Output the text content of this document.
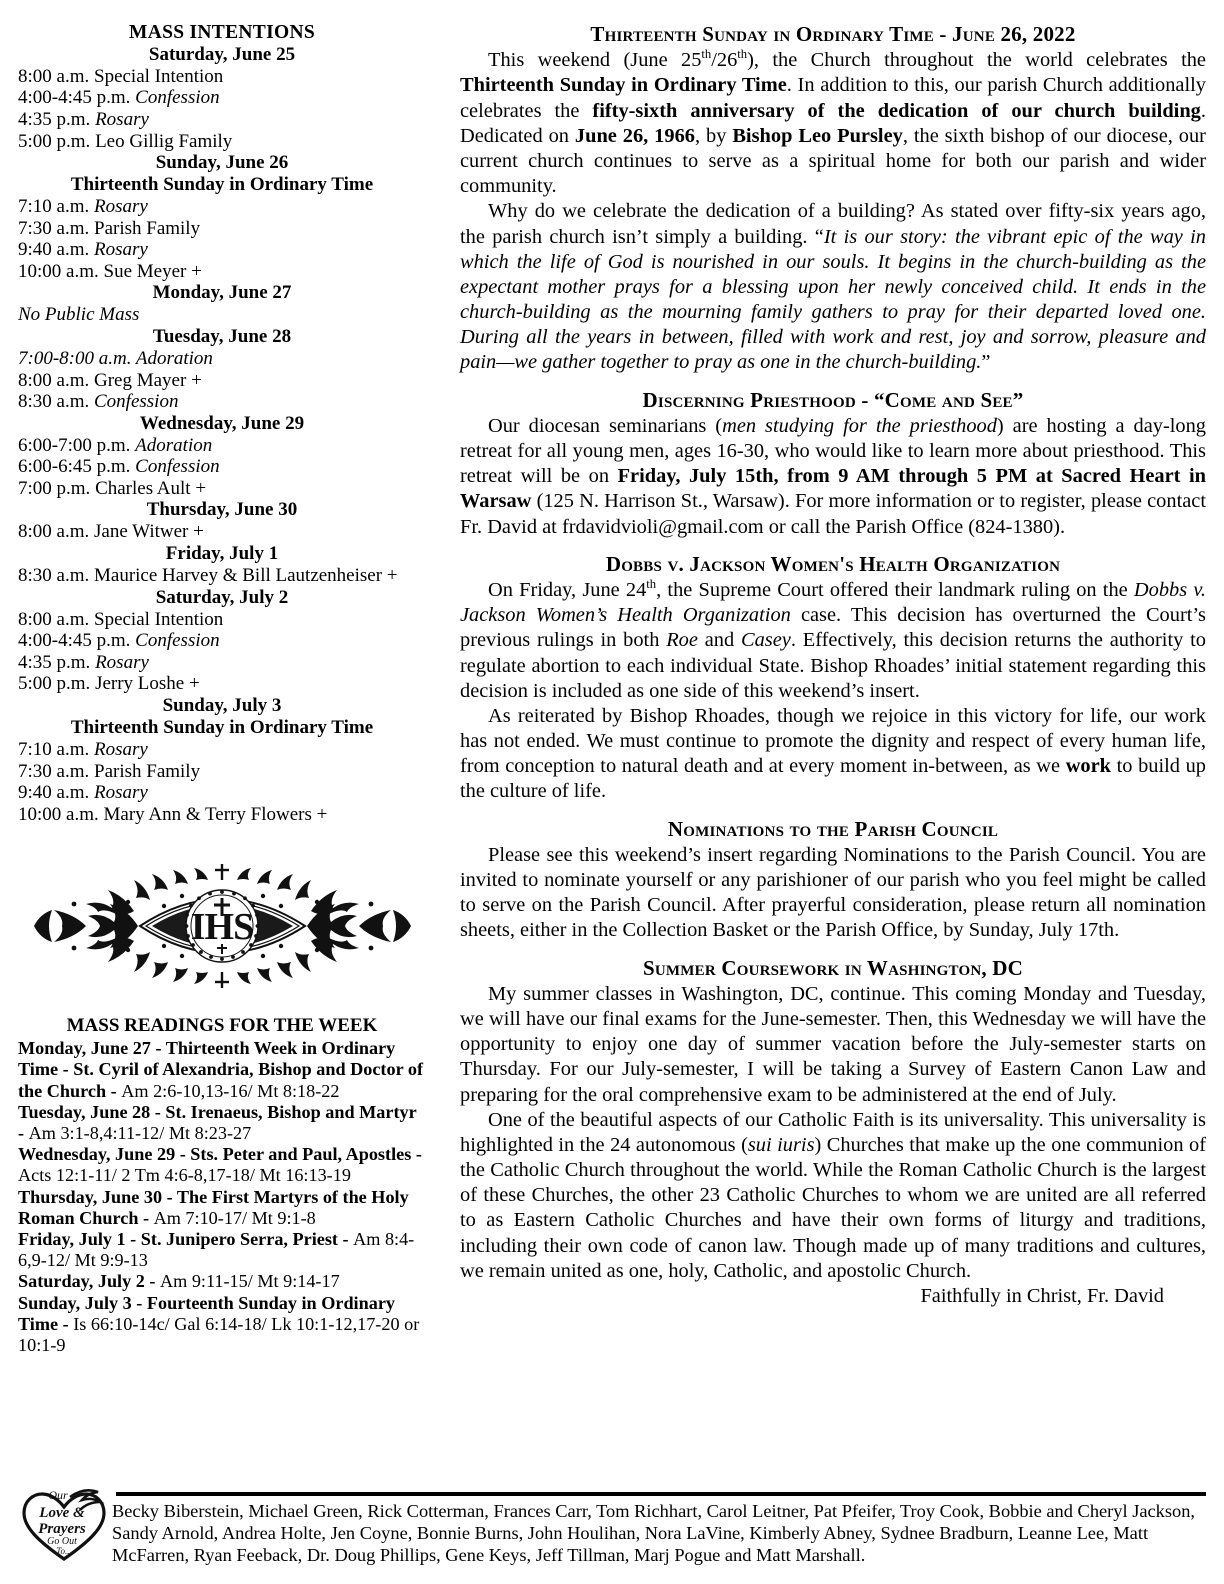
MASS INTENTIONS
Saturday, June 25
8:00 a.m. Special Intention
4:00-4:45 p.m. Confession
4:35 p.m. Rosary
5:00 p.m. Leo Gillig Family
Sunday, June 26
Thirteenth Sunday in Ordinary Time
7:10 a.m. Rosary
7:30 a.m. Parish Family
9:40 a.m. Rosary
10:00 a.m. Sue Meyer +
Monday, June 27
No Public Mass
Tuesday, June 28
7:00-8:00 a.m. Adoration
8:00 a.m. Greg Mayer +
8:30 a.m. Confession
Wednesday, June 29
6:00-7:00 p.m. Adoration
6:00-6:45 p.m. Confession
7:00 p.m. Charles Ault +
Thursday, June 30
8:00 a.m. Jane Witwer +
Friday, July 1
8:30 a.m. Maurice Harvey & Bill Lautzenheiser +
Saturday, July 2
8:00 a.m. Special Intention
4:00-4:45 p.m. Confession
4:35 p.m. Rosary
5:00 p.m. Jerry Loshe +
Sunday, July 3
Thirteenth Sunday in Ordinary Time
7:10 a.m. Rosary
7:30 a.m. Parish Family
9:40 a.m. Rosary
10:00 a.m. Mary Ann & Terry Flowers +
IHS
MASS READINGS FOR THE WEEK
Monday, June 27 - Thirteenth Week in Ordinary Time - St. Cyril of Alexandria, Bishop and Doctor of the Church - Am 2:6-10,13-16/ Mt 8:18-22
Tuesday, June 28 - St. Irenaeus, Bishop and Martyr - Am 3:1-8,4:11-12/ Mt 8:23-27
Wednesday, June 29 - Sts. Peter and Paul, Apostles - Acts 12:1-11/ 2 Tm 4:6-8,17-18/ Mt 16:13-19
Thursday, June 30 - The First Martyrs of the Holy Roman Church - Am 7:10-17/ Mt 9:1-8
Friday, July 1 - St. Junipero Serra, Priest - Am 8:4-6,9-12/ Mt 9:9-13
Saturday, July 2 - Am 9:11-15/ Mt 9:14-17
Sunday, July 3 - Fourteenth Sunday in Ordinary Time - Is 66:10-14c/ Gal 6:14-18/ Lk 10:1-12,17-20 or 10:1-9
Thirteenth Sunday in Ordinary Time - June 26, 2022

This weekend (June 25th/26th), the Church throughout the world celebrates the Thirteenth Sunday in Ordinary Time. In addition to this, our parish Church additionally celebrates the fifty-sixth anniversary of the dedication of our church building. Dedicated on June 26, 1966, by Bishop Leo Pursley, the sixth bishop of our diocese, our current church continues to serve as a spiritual home for both our parish and wider community.

Why do we celebrate the dedication of a building? As stated over fifty-six years ago, the parish church isn’t simply a building. “It is our story: the vibrant epic of the way in which the life of God is nourished in our souls. It begins in the church-building as the expectant mother prays for a blessing upon her newly conceived child. It ends in the church-building as the mourning family gathers to pray for their departed loved one. During all the years in between, filled with work and rest, joy and sorrow, pleasure and pain—we gather together to pray as one in the church-building.”

Discerning Priesthood - “Come and See”

Our diocesan seminarians (men studying for the priesthood) are hosting a day-long retreat for all young men, ages 16-30, who would like to learn more about priesthood. This retreat will be on Friday, July 15th, from 9 AM through 5 PM at Sacred Heart in Warsaw (125 N. Harrison St., Warsaw). For more information or to register, please contact Fr. David at frdavidvioli@gmail.com or call the Parish Office (824-1380).

Dobbs v. Jackson Women's Health Organization

On Friday, June 24th, the Supreme Court offered their landmark ruling on the Dobbs v. Jackson Women’s Health Organization case. This decision has overturned the Court’s previous rulings in both Roe and Casey. Effectively, this decision returns the authority to regulate abortion to each individual State. Bishop Rhoades’ initial statement regarding this decision is included as one side of this weekend’s insert.

As reiterated by Bishop Rhoades, though we rejoice in this victory for life, our work has not ended. We must continue to promote the dignity and respect of every human life, from conception to natural death and at every moment in-between, as we work to build up the culture of life.

Nominations to the Parish Council

Please see this weekend’s insert regarding Nominations to the Parish Council. You are invited to nominate yourself or any parishioner of our parish who you feel might be called to serve on the Parish Council. After prayerful consideration, please return all nomination sheets, either in the Collection Basket or the Parish Office, by Sunday, July 17th.

Summer Coursework in Washington, DC

My summer classes in Washington, DC, continue. This coming Monday and Tuesday, we will have our final exams for the June-semester. Then, this Wednesday we will have the opportunity to enjoy one day of summer vacation before the July-semester starts on Thursday. For our July-semester, I will be taking a Survey of Eastern Canon Law and preparing for the oral comprehensive exam to be administered at the end of July.

One of the beautiful aspects of our Catholic Faith is its universality. This universality is highlighted in the 24 autonomous (sui iuris) Churches that make up the one communion of the Catholic Church throughout the world. While the Roman Catholic Church is the largest of these Churches, the other 23 Catholic Churches to whom we are united are all referred to as Eastern Catholic Churches and have their own forms of liturgy and traditions, including their own code of canon law. Though made up of many traditions and cultures, we remain united as one, holy, Catholic, and apostolic Church.

Faithfully in Christ, Fr. David
Our
Love &
Prayers
Go Out
To...
Becky Biberstein, Michael Green, Rick Cotterman, Frances Carr, Tom Richhart, Carol Leitner, Pat Pfeifer, Troy Cook, Bobbie and Cheryl Jackson, Sandy Arnold, Andrea Holte, Jen Coyne, Bonnie Burns, John Houlihan, Nora LaVine, Kimberly Abney, Sydnee Bradburn, Leanne Lee, Matt McFarren, Ryan Feeback, Dr. Doug Phillips, Gene Keys, Jeff Tillman, Marj Pogue and Matt Marshall.
